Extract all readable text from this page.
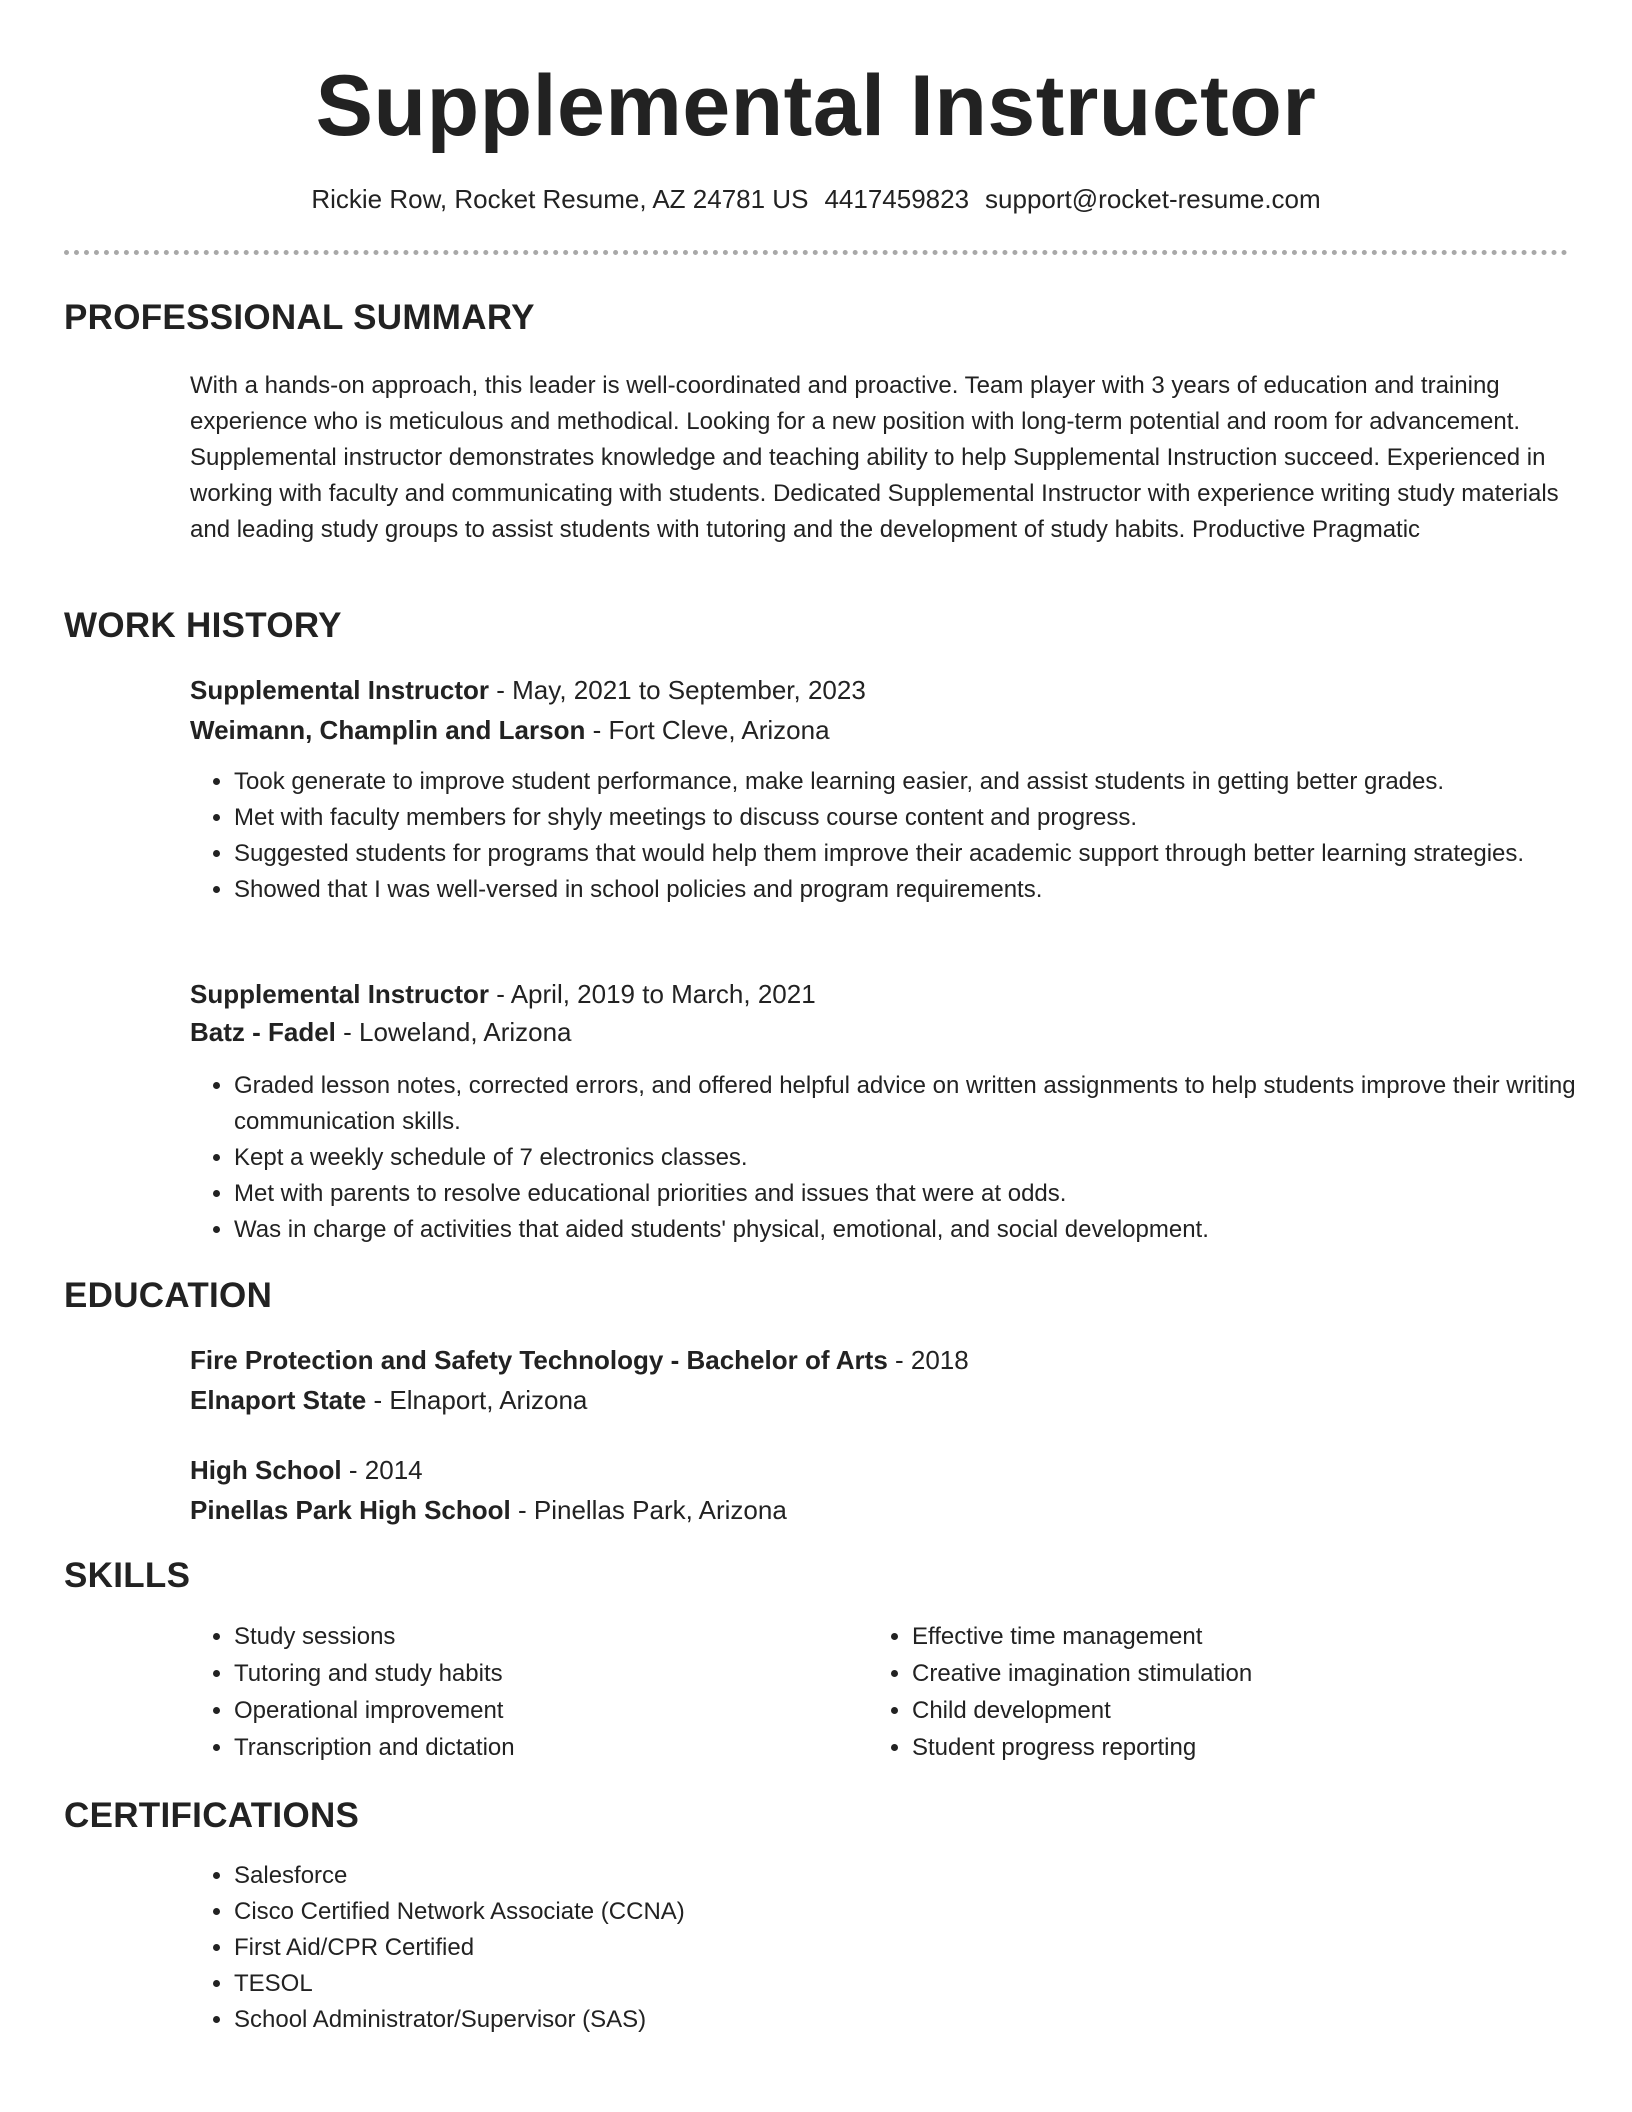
Supplemental Instructor
Rickie Row, Rocket Resume, AZ 24781 US 4417459823 support@rocket-resume.com
PROFESSIONAL SUMMARY
With a hands-on approach, this leader is well-coordinated and proactive. Team player with 3 years of education and training experience who is meticulous and methodical. Looking for a new position with long-term potential and room for advancement. Supplemental instructor demonstrates knowledge and teaching ability to help Supplemental Instruction succeed. Experienced in working with faculty and communicating with students. Dedicated Supplemental Instructor with experience writing study materials and leading study groups to assist students with tutoring and the development of study habits. Productive Pragmatic
WORK HISTORY
Supplemental Instructor - May, 2021 to September, 2023
Weimann, Champlin and Larson - Fort Cleve, Arizona
• Took generate to improve student performance, make learning easier, and assist students in getting better grades.
• Met with faculty members for shyly meetings to discuss course content and progress.
• Suggested students for programs that would help them improve their academic support through better learning strategies.
• Showed that I was well-versed in school policies and program requirements.
Supplemental Instructor - April, 2019 to March, 2021
Batz - Fadel - Loweland, Arizona
• Graded lesson notes, corrected errors, and offered helpful advice on written assignments to help students improve their writing communication skills.
• Kept a weekly schedule of 7 electronics classes.
• Met with parents to resolve educational priorities and issues that were at odds.
• Was in charge of activities that aided students' physical, emotional, and social development.
EDUCATION
Fire Protection and Safety Technology - Bachelor of Arts - 2018
Elnaport State - Elnaport, Arizona
High School - 2014
Pinellas Park High School - Pinellas Park, Arizona
SKILLS
• Study sessions
• Tutoring and study habits
• Operational improvement
• Transcription and dictation
• Effective time management
• Creative imagination stimulation
• Child development
• Student progress reporting
CERTIFICATIONS
• Salesforce
• Cisco Certified Network Associate (CCNA)
• First Aid/CPR Certified
• TESOL
• School Administrator/Supervisor (SAS)
